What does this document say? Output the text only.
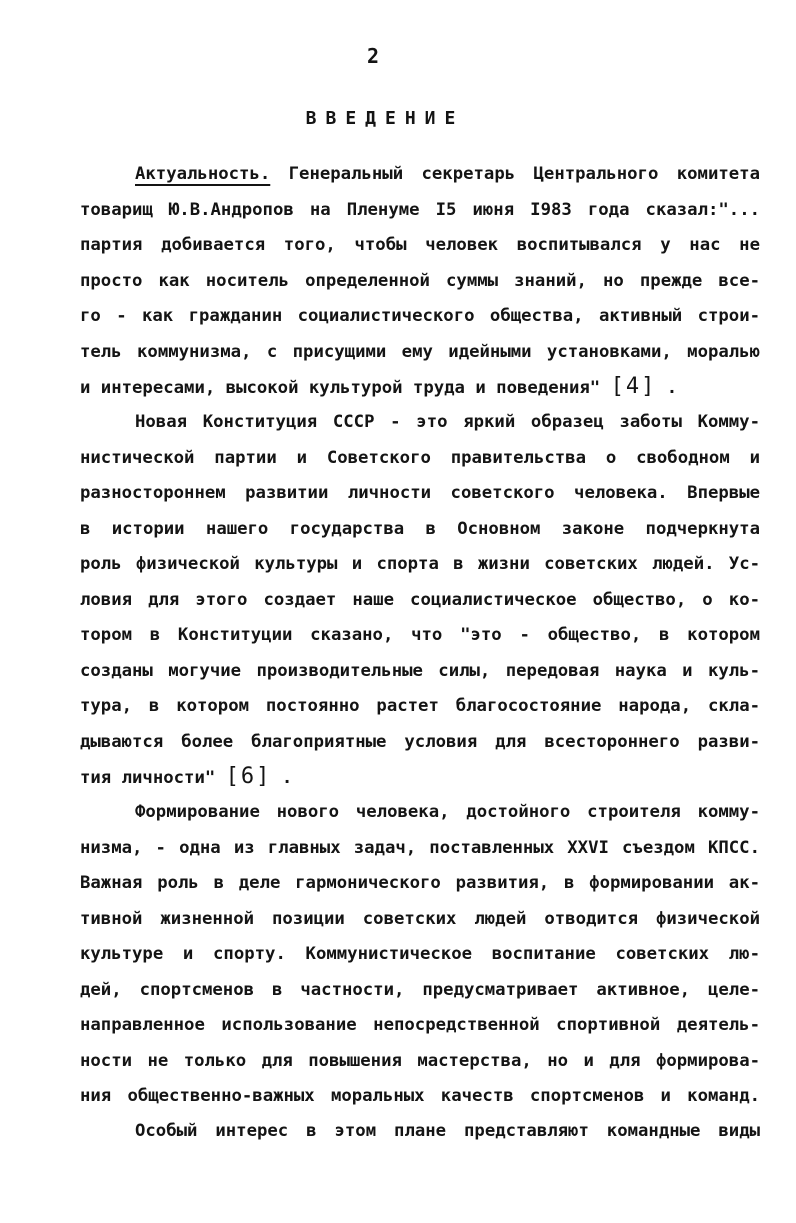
2
ВВЕДЕНИЕ
Актуальность. Генеральный секретарь Центрального комитета
товарищ Ю.В.Андропов на Пленуме I5 июня I983 года сказал:"...
партия добивается того, чтобы человек воспитывался у нас не
просто как носитель определенной суммы знаний, но прежде все-
го - как гражданин социалистического общества, активный строи-
тель коммунизма, с присущими ему идейными установками, моралью
и интересами, высокой культурой труда и поведения" [4] .
Новая Конституция СССР - это яркий образец заботы Комму-
нистической партии и Советского правительства о свободном и
разностороннем развитии личности советского человека. Впервые
в истории нашего государства в Основном законе подчеркнута
роль физической культуры и спорта в жизни советских людей. Ус-
ловия для этого создает наше социалистическое общество, о ко-
тором в Конституции сказано, что "это - общество, в котором
созданы могучие производительные силы, передовая наука и куль-
тура, в котором постоянно растет благосостояние народа, скла-
дываются более благоприятные условия для всестороннего разви-
тия личности" [6] .
Формирование нового человека, достойного строителя комму-
низма, - одна из главных задач, поставленных XXVI съездом КПСС.
Важная роль в деле гармонического развития, в формировании ак-
тивной жизненной позиции советских людей отводится физической
культуре и спорту. Коммунистическое воспитание советских лю-
дей, спортсменов в частности, предусматривает активное, целе-
направленное использование непосредственной спортивной деятель-
ности не только для повышения мастерства, но и для формирова-
ния общественно-важных моральных качеств спортсменов и команд.
Особый интерес в этом плане представляют командные виды
